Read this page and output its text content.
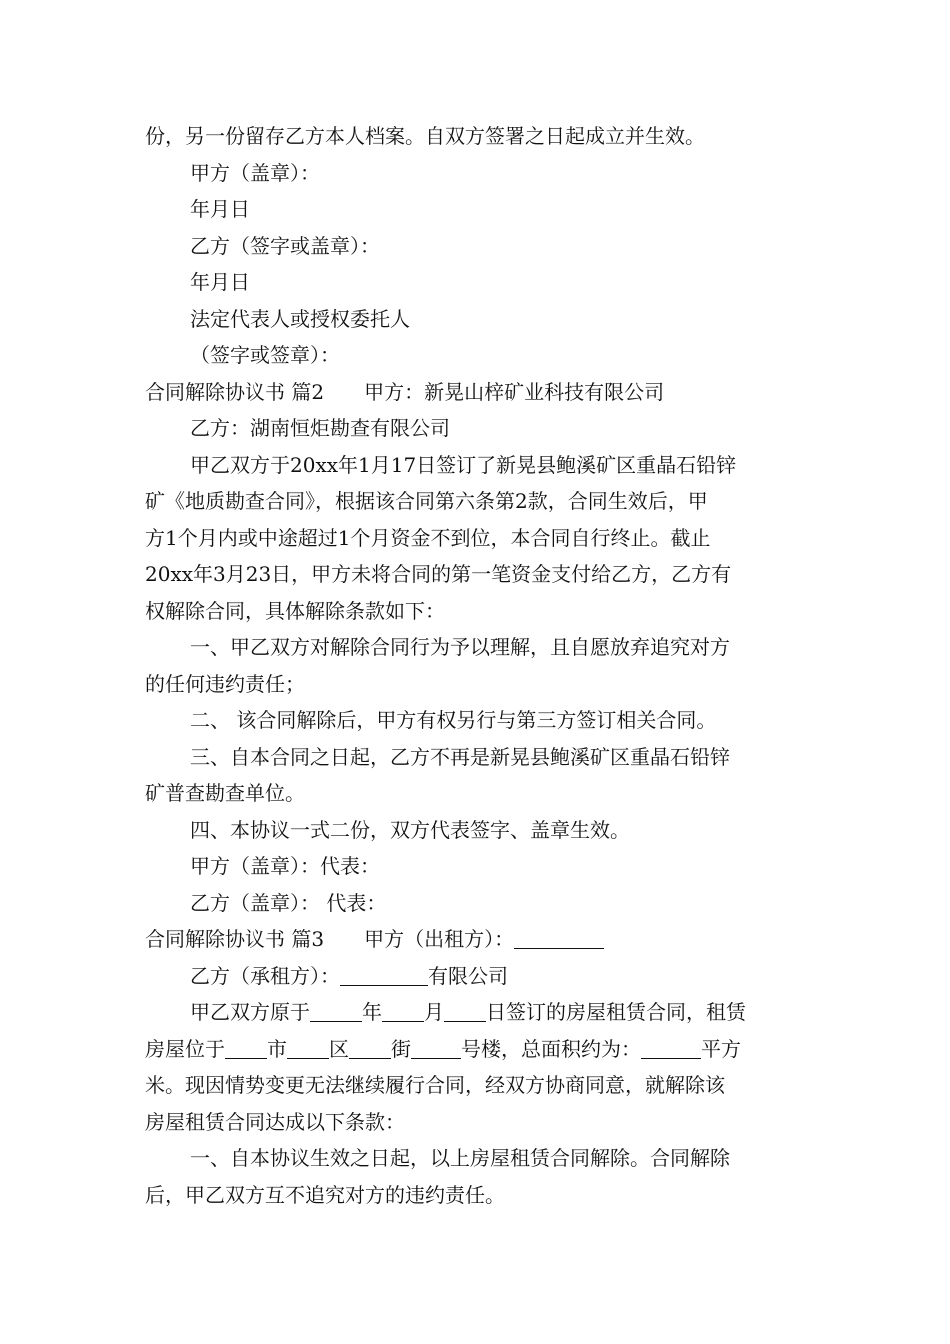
份，另一份留存乙方本人档案。自双方签署之日起成立并生效。
甲方（盖章）：
年月日
乙方（签字或盖章）：
年月日
法定代表人或授权委托人
（签字或签章）：
合同解除协议书 篇2 甲方：新晃山梓矿业科技有限公司
乙方：湖南恒炬勘查有限公司
甲乙双方于20xx年1月17日签订了新晃县鲍溪矿区重晶石铅锌
矿《地质勘查合同》，根据该合同第六条第2款，合同生效后，甲
方1个月内或中途超过1个月资金不到位，本合同自行终止。截止
20xx年3月23日，甲方未将合同的第一笔资金支付给乙方，乙方有
权解除合同，具体解除条款如下：
一、甲乙双方对解除合同行为予以理解，且自愿放弃追究对方
的任何违约责任；
二、 该合同解除后，甲方有权另行与第三方签订相关合同。
三、自本合同之日起，乙方不再是新晃县鲍溪矿区重晶石铅锌
矿普查勘查单位。
四、本协议一式二份，双方代表签字、盖章生效。
甲方（盖章）：代表：
乙方（盖章）： 代表：
合同解除协议书 篇3 甲方（出租方）：
乙方（承租方）：	有限公司
甲乙双方原于	年 月 日签订的房屋租赁合同，租赁
房屋位于 市 区 街	号楼，总面积约为：	平方
米。现因情势变更无法继续履行合同，经双方协商同意，就解除该
房屋租赁合同达成以下条款：
一、自本协议生效之日起，以上房屋租赁合同解除。合同解除
后，甲乙双方互不追究对方的违约责任。
